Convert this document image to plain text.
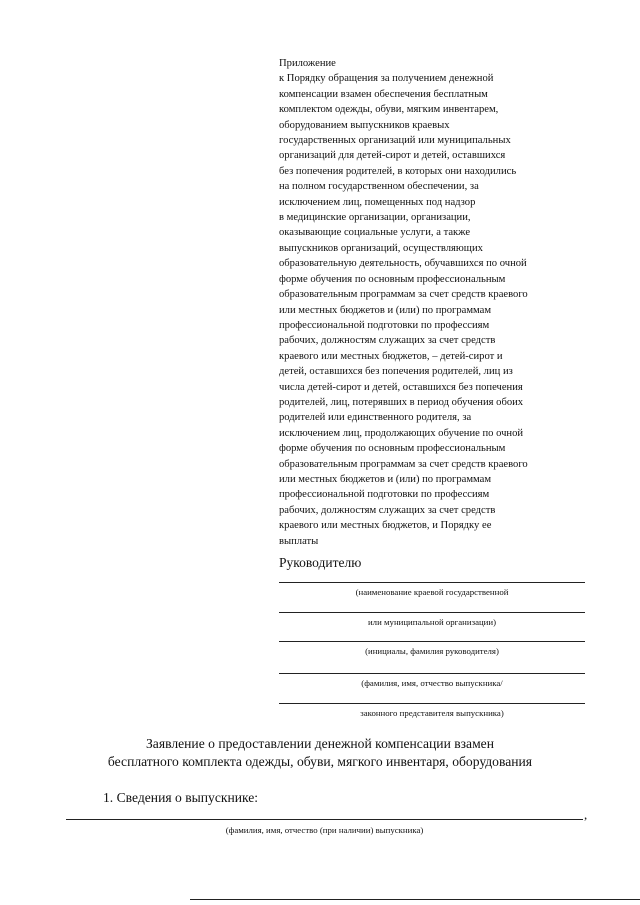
Приложение
к Порядку обращения за получением денежной
компенсации взамен обеспечения бесплатным
комплектом одежды, обуви, мягким инвентарем,
оборудованием выпускников краевых
государственных организаций или муниципальных
организаций для детей-сирот и детей, оставшихся
без попечения родителей, в которых они находились
на полном государственном обеспечении, за
исключением лиц, помещенных под надзор
в медицинские организации, организации,
оказывающие социальные услуги, а также
выпускников организаций, осуществляющих
образовательную деятельность, обучавшихся по очной
форме обучения по основным профессиональным
образовательным программам за счет средств краевого
или местных бюджетов и (или) по программам
профессиональной подготовки по профессиям
рабочих, должностям служащих за счет средств
краевого или местных бюджетов, – детей-сирот и
детей, оставшихся без попечения родителей, лиц из
числа детей-сирот и детей, оставшихся без попечения
родителей, лиц, потерявших в период обучения обоих
родителей или единственного родителя, за
исключением лиц, продолжающих обучение по очной
форме обучения по основным профессиональным
образовательным программам за счет средств краевого
или местных бюджетов и (или) по программам
профессиональной подготовки по профессиям
рабочих, должностям служащих за счет средств
краевого или местных бюджетов, и Порядку ее
выплаты
Руководителю
(наименование краевой государственной
или муниципальной организации)
(инициалы, фамилия руководителя)
(фамилия, имя, отчество выпускника/
законного представителя выпускника)
Заявление о предоставлении денежной компенсации взамен
бесплатного комплекта одежды, обуви, мягкого инвентаря, оборудования
1. Сведения о выпускнике:
,
(фамилия, имя, отчество (при наличии) выпускника)
